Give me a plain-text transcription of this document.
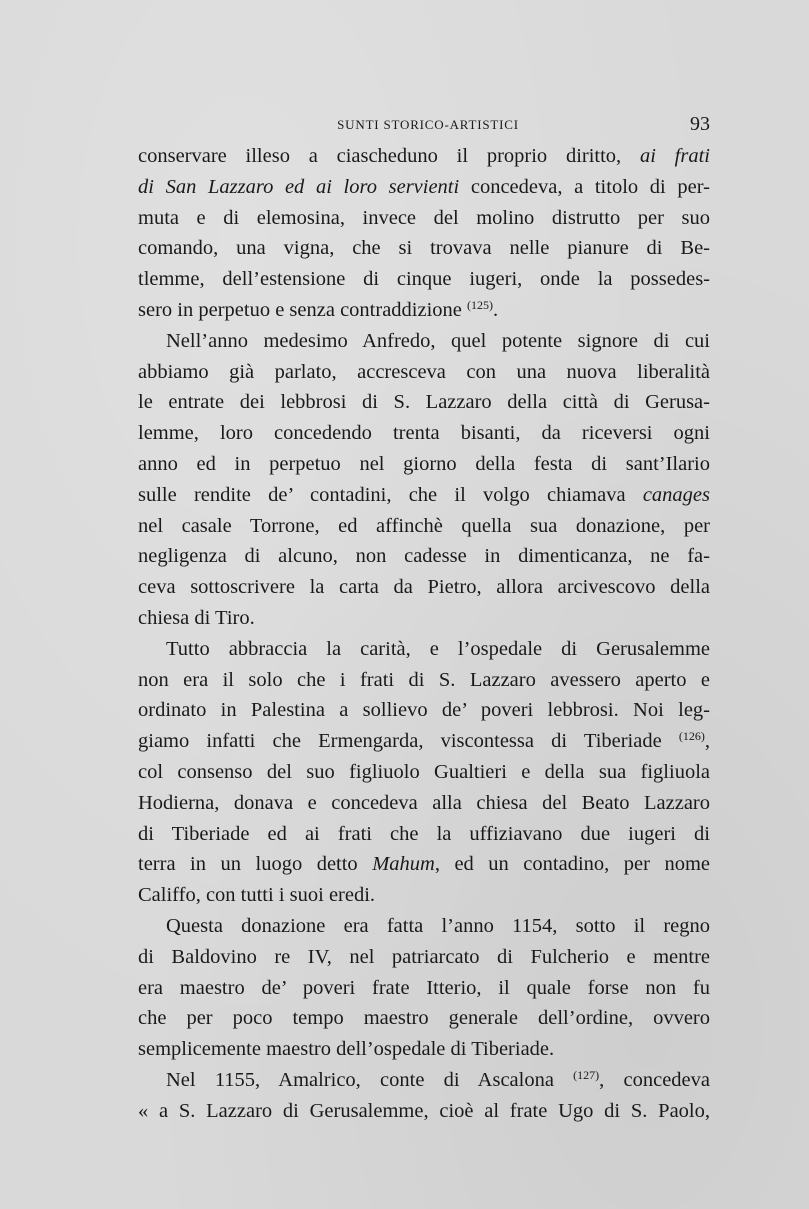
SUNTI STORICO-ARTISTICI	93
conservare illeso a ciascheduno il proprio diritto, ai frati
di San Lazzaro ed ai loro servienti concedeva, a titolo di per-
muta e di elemosina, invece del molino distrutto per suo
comando, una vigna, che si trovava nelle pianure di Be-
tlemme, dell’estensione di cinque iugeri, onde la possedes-
sero in perpetuo e senza contraddizione $^{(125)}$.
Nell’anno medesimo Anfredo, quel potente signore di cui
abbiamo già parlato, accresceva con una nuova liberalità
le entrate dei lebbrosi di S. Lazzaro della città di Gerusa-
lemme, loro concedendo trenta bisanti, da riceversi ogni
anno ed in perpetuo nel giorno della festa di sant’Ilario
sulle rendite de’ contadini, che il volgo chiamava canages
nel casale Torrone, ed affinchè quella sua donazione, per
negligenza di alcuno, non cadesse in dimenticanza, ne fa-
ceva sottoscrivere la carta da Pietro, allora arcivescovo della
chiesa di Tiro.
Tutto abbraccia la carità, e l’ospedale di Gerusalemme
non era il solo che i frati di S. Lazzaro avessero aperto e
ordinato in Palestina a sollievo de’ poveri lebbrosi. Noi leg-
giamo infatti che Ermengarda, viscontessa di Tiberiade $^{(126)}$,
col consenso del suo figliuolo Gualtieri e della sua figliuola
Hodierna, donava e concedeva alla chiesa del Beato Lazzaro
di Tiberiade ed ai frati che la uffiziavano due iugeri di
terra in un luogo detto Mahum, ed un contadino, per nome
Califfo, con tutti i suoi eredi.
Questa donazione era fatta l’anno 1154, sotto il regno
di Baldovino re IV, nel patriarcato di Fulcherio e mentre
era maestro de’ poveri frate Itterio, il quale forse non fu
che per poco tempo maestro generale dell’ordine, ovvero
semplicemente maestro dell’ospedale di Tiberiade.
Nel 1155, Amalrico, conte di Ascalona $^{(127)}$, concedeva
« a S. Lazzaro di Gerusalemme, cioè al frate Ugo di S. Paolo,
